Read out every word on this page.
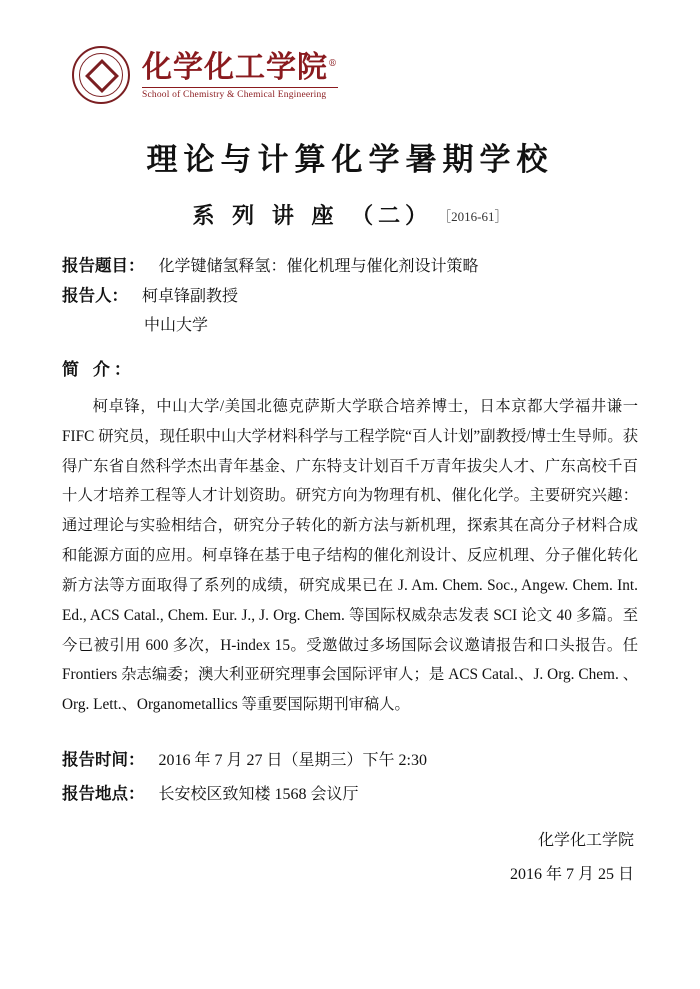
化学化工学院®
School of Chemistry & Chemical Engineering
理论与计算化学暑期学校
系 列 讲 座 （二） ［2016-61］
报告题目： 化学键储氢释氢：催化机理与催化剂设计策略
报告人： 柯卓锋副教授
中山大学
简 介：
柯卓锋，中山大学/美国北德克萨斯大学联合培养博士，日本京都大学福井谦一 FIFC 研究员，现任职中山大学材料科学与工程学院“百人计划”副教授/博士生导师。获得广东省自然科学杰出青年基金、广东特支计划百千万青年拔尖人才、广东高校千百十人才培养工程等人才计划资助。研究方向为物理有机、催化化学。主要研究兴趣：通过理论与实验相结合，研究分子转化的新方法与新机理，探索其在高分子材料合成和能源方面的应用。柯卓锋在基于电子结构的催化剂设计、反应机理、分子催化转化新方法等方面取得了系列的成绩，研究成果已在 J. Am. Chem. Soc., Angew. Chem. Int. Ed., ACS Catal., Chem. Eur. J., J. Org. Chem. 等国际权威杂志发表 SCI 论文 40 多篇。至今已被引用 600 多次，H-index 15。受邀做过多场国际会议邀请报告和口头报告。任 Frontiers 杂志编委；澳大利亚研究理事会国际评审人；是 ACS Catal.、J. Org. Chem. 、Org. Lett.、Organometallics 等重要国际期刊审稿人。
报告时间： 2016 年 7 月 27 日（星期三）下午 2:30
报告地点： 长安校区致知楼 1568 会议厅
化学化工学院
2016 年 7 月 25 日
